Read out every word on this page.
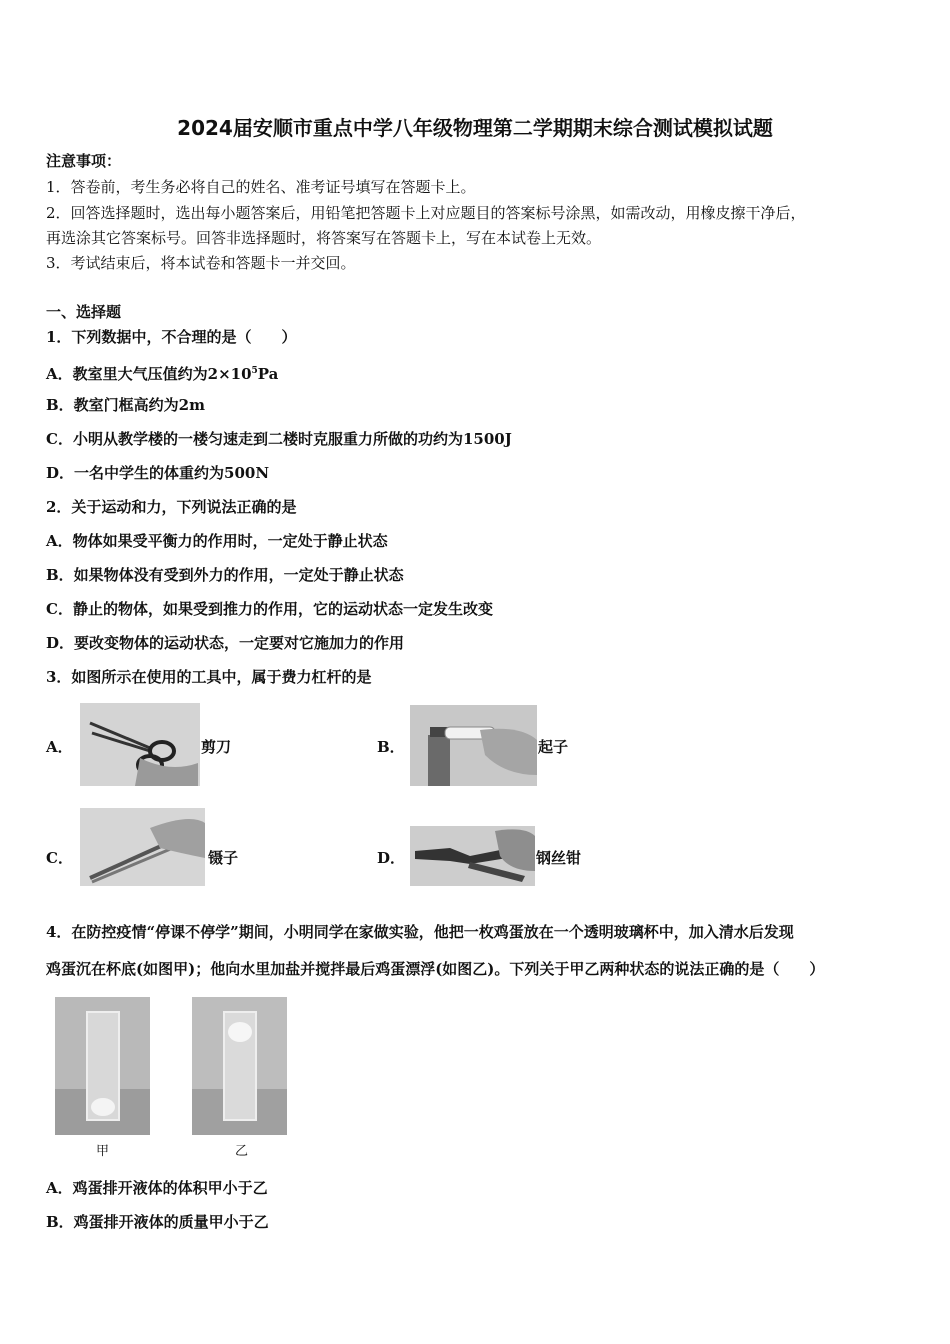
2024届安顺市重点中学八年级物理第二学期期末综合测试模拟试题
注意事项：
1．答卷前，考生务必将自己的姓名、准考证号填写在答题卡上。
2．回答选择题时，选出每小题答案后，用铅笔把答题卡上对应题目的答案标号涂黑，如需改动，用橡皮擦干净后，
再选涂其它答案标号。回答非选择题时，将答案写在答题卡上，写在本试卷上无效。
3．考试结束后，将本试卷和答题卡一并交回。
一、选择题
1．下列数据中，不合理的是（　　）
A．教室里大气压值约为$2\times 10^5Pa$
B．教室门框高约为2m
C．小明从教学楼的一楼匀速走到二楼时克服重力所做的功约为1500J
D．一名中学生的体重约为500N
2．关于运动和力，下列说法正确的是
A．物体如果受平衡力的作用时，一定处于静止状态
B．如果物体没有受到外力的作用，一定处于静止状态
C．静止的物体，如果受到推力的作用，它的运动状态一定发生改变
D．要改变物体的运动状态，一定要对它施加力的作用
3．如图所示在使用的工具中，属于费力杠杆的是
A．	剪刀	B．	起子
C．	镊子	D．	钢丝钳
4．在防控疫情“停课不停学”期间，小明同学在家做实验，他把一枚鸡蛋放在一个透明玻璃杯中，加入清水后发现
鸡蛋沉在杯底(如图甲)；他向水里加盐并搅拌最后鸡蛋漂浮(如图乙)。下列关于甲乙两种状态的说法正确的是（　　）
甲	乙
A．鸡蛋排开液体的体积甲小于乙
B．鸡蛋排开液体的质量甲小于乙
